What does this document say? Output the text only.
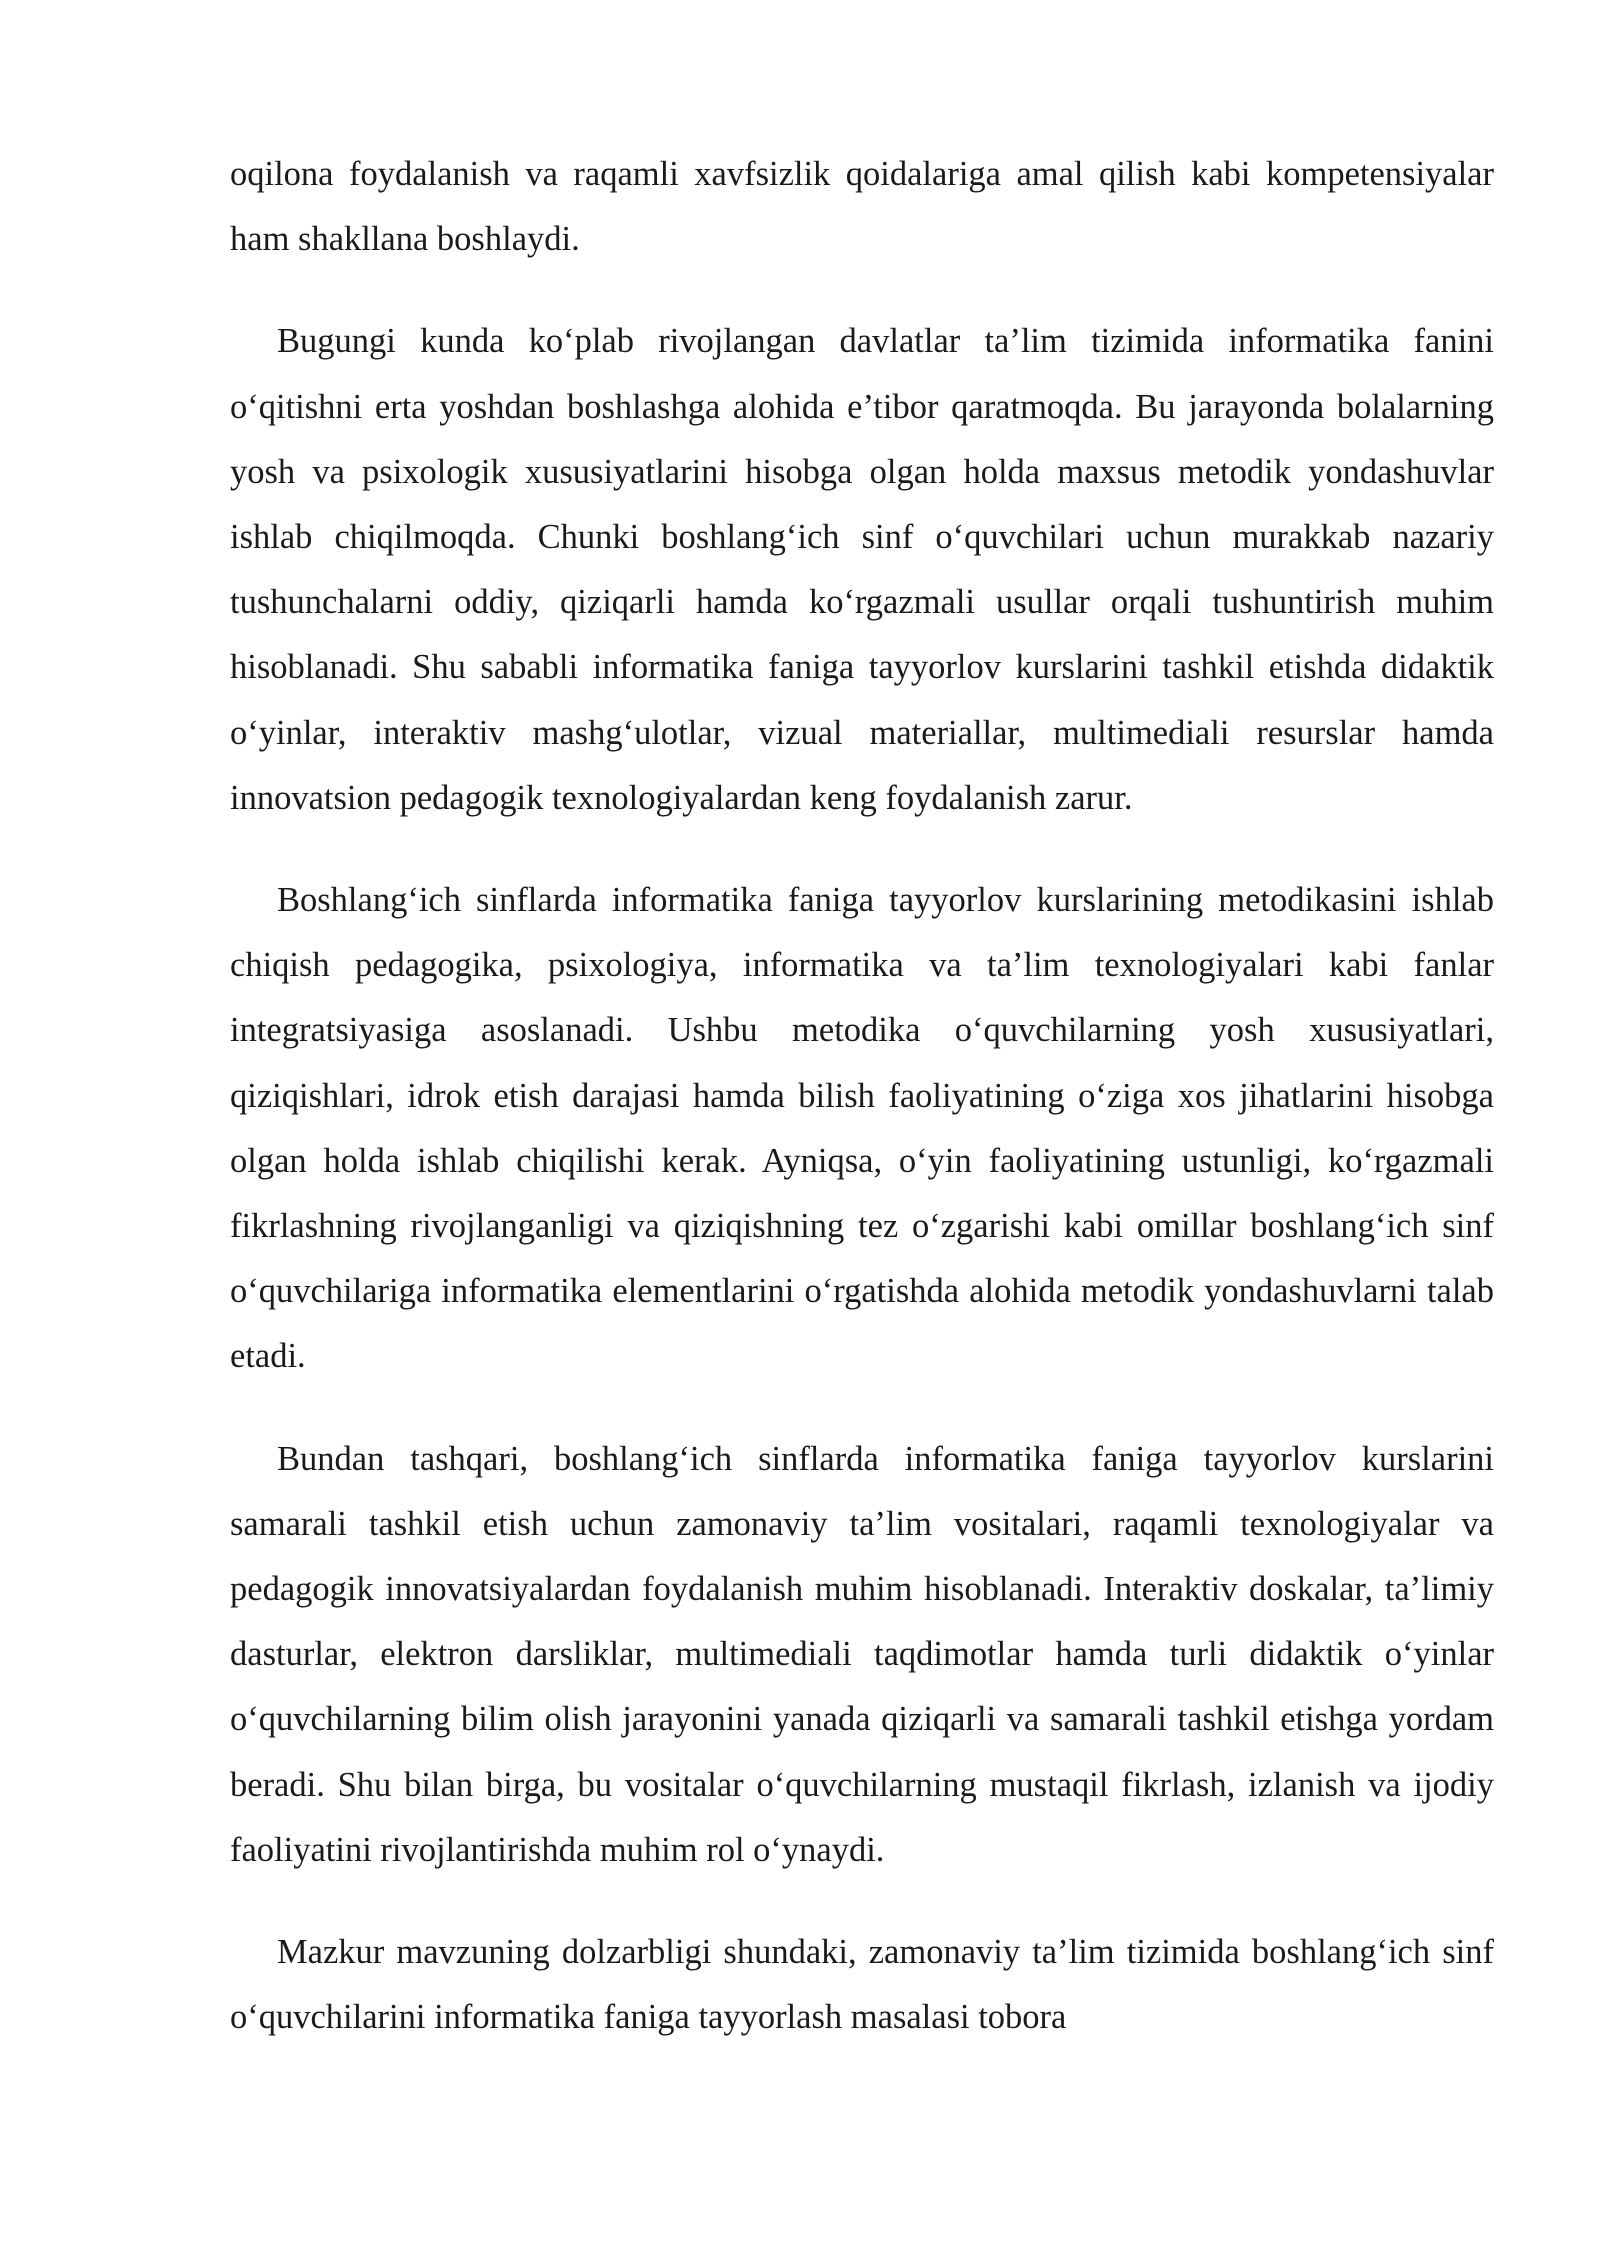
oqilona foydalanish va raqamli xavfsizlik qoidalariga amal qilish kabi kompetensiyalar ham shakllana boshlaydi.

Bugungi kunda ko‘plab rivojlangan davlatlar ta’lim tizimida informatika fanini o‘qitishni erta yoshdan boshlashga alohida e’tibor qaratmoqda. Bu jarayonda bolalarning yosh va psixologik xususiyatlarini hisobga olgan holda maxsus metodik yondashuvlar ishlab chiqilmoqda. Chunki boshlang‘ich sinf o‘quvchilari uchun murakkab nazariy tushunchalarni oddiy, qiziqarli hamda ko‘rgazmali usullar orqali tushuntirish muhim hisoblanadi. Shu sababli informatika faniga tayyorlov kurslarini tashkil etishda didaktik o‘yinlar, interaktiv mashg‘ulotlar, vizual materiallar, multimediali resurslar hamda innovatsion pedagogik texnologiyalardan keng foydalanish zarur.

Boshlang‘ich sinflarda informatika faniga tayyorlov kurslarining metodikasini ishlab chiqish pedagogika, psixologiya, informatika va ta’lim texnologiyalari kabi fanlar integratsiyasiga asoslanadi. Ushbu metodika o‘quvchilarning yosh xususiyatlari, qiziqishlari, idrok etish darajasi hamda bilish faoliyatining o‘ziga xos jihatlarini hisobga olgan holda ishlab chiqilishi kerak. Ayniqsa, o‘yin faoliyatining ustunligi, ko‘rgazmali fikrlashning rivojlanganligi va qiziqishning tez o‘zgarishi kabi omillar boshlang‘ich sinf o‘quvchilariga informatika elementlarini o‘rgatishda alohida metodik yondashuvlarni talab etadi.

Bundan tashqari, boshlang‘ich sinflarda informatika faniga tayyorlov kurslarini samarali tashkil etish uchun zamonaviy ta’lim vositalari, raqamli texnologiyalar va pedagogik innovatsiyalardan foydalanish muhim hisoblanadi. Interaktiv doskalar, ta’limiy dasturlar, elektron darsliklar, multimediali taqdimotlar hamda turli didaktik o‘yinlar o‘quvchilarning bilim olish jarayonini yanada qiziqarli va samarali tashkil etishga yordam beradi. Shu bilan birga, bu vositalar o‘quvchilarning mustaqil fikrlash, izlanish va ijodiy faoliyatini rivojlantirishda muhim rol o‘ynaydi.

Mazkur mavzuning dolzarbligi shundaki, zamonaviy ta’lim tizimida boshlang‘ich sinf o‘quvchilarini informatika faniga tayyorlash masalasi tobora
